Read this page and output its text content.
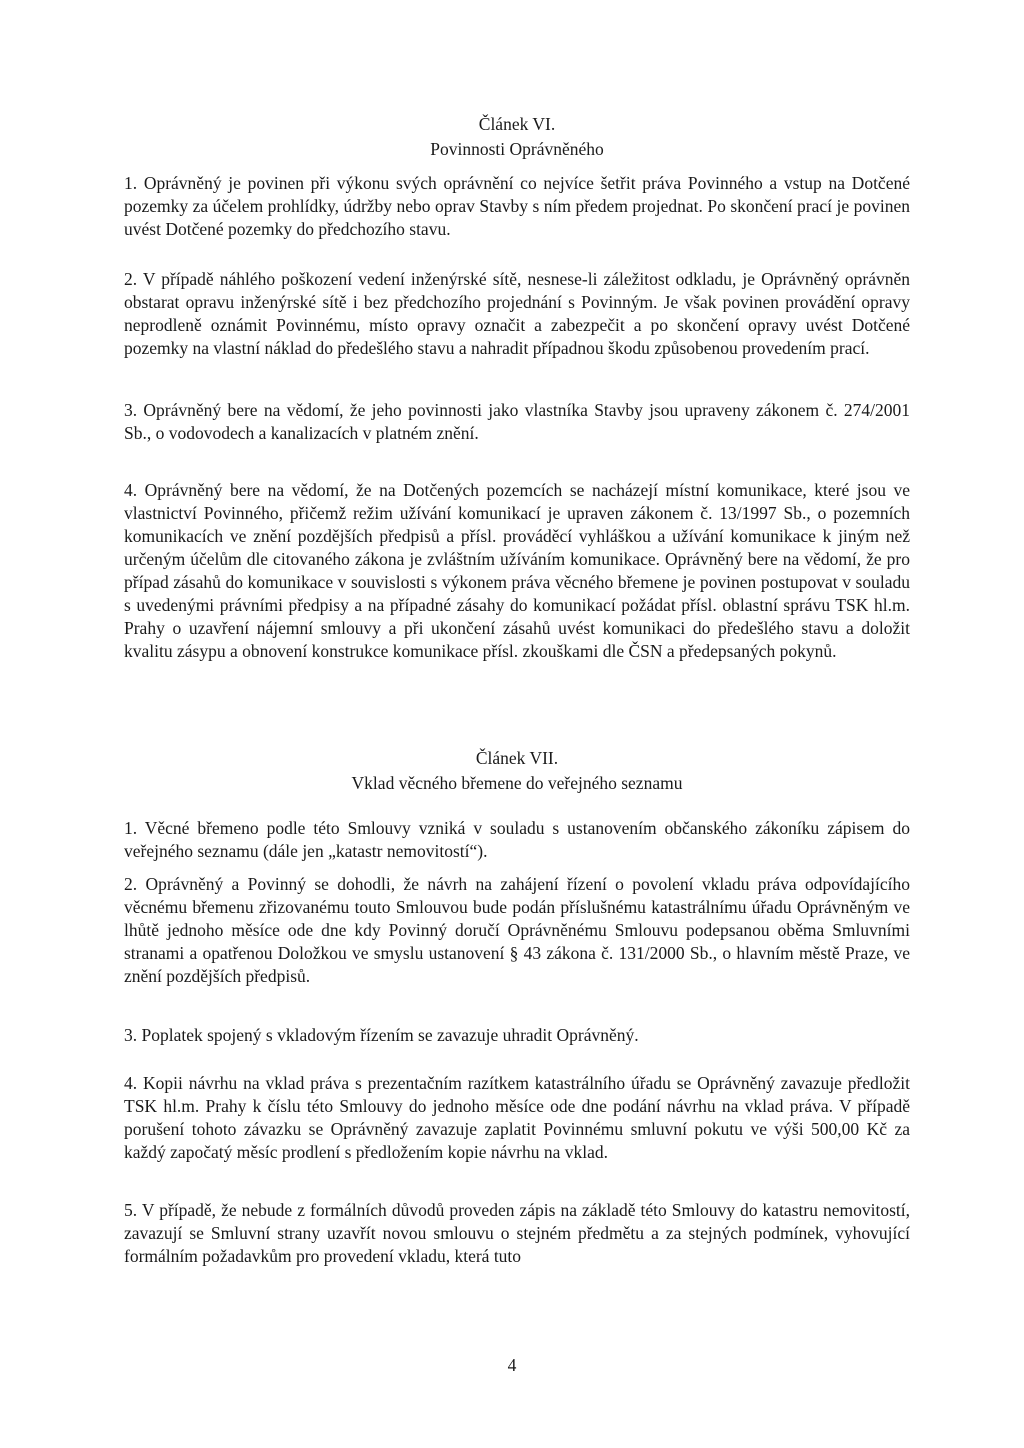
Článek VI.

Povinnosti Oprávněného

1. Oprávněný je povinen při výkonu svých oprávnění co nejvíce šetřit práva Povinného a vstup na Dotčené pozemky za účelem prohlídky, údržby nebo oprav Stavby s ním předem projednat. Po skončení prací je povinen uvést Dotčené pozemky do předchozího stavu.

2. V případě náhlého poškození vedení inženýrské sítě, nesnese-li záležitost odkladu, je Oprávněný oprávněn obstarat opravu inženýrské sítě i bez předchozího projednání s Povinným. Je však povinen provádění opravy neprodleně oznámit Povinnému, místo opravy označit a zabezpečit a po skončení opravy uvést Dotčené pozemky na vlastní náklad do předešlého stavu a nahradit případnou škodu způsobenou provedením prací.

3. Oprávněný bere na vědomí, že jeho povinnosti jako vlastníka Stavby jsou upraveny zákonem č. 274/2001 Sb., o vodovodech a kanalizacích v platném znění.

4. Oprávněný bere na vědomí, že na Dotčených pozemcích se nacházejí místní komunikace, které jsou ve vlastnictví Povinného, přičemž režim užívání komunikací je upraven zákonem č. 13/1997 Sb., o pozemních komunikacích ve znění pozdějších předpisů a přísl. prováděcí vyhláškou a užívání komunikace k jiným než určeným účelům dle citovaného zákona je zvláštním užíváním komunikace. Oprávněný bere na vědomí, že pro případ zásahů do komunikace v souvislosti s výkonem práva věcného břemene je povinen postupovat v souladu s uvedenými právními předpisy a na případné zásahy do komunikací požádat přísl. oblastní správu TSK hl.m. Prahy o uzavření nájemní smlouvy a při ukončení zásahů uvést komunikaci do předešlého stavu a doložit kvalitu zásypu a obnovení konstrukce komunikace přísl. zkouškami dle ČSN a předepsaných pokynů.

Článek VII.

Vklad věcného břemene do veřejného seznamu

1. Věcné břemeno podle této Smlouvy vzniká v souladu s ustanovením občanského zákoníku zápisem do veřejného seznamu (dále jen „katastr nemovitostí“).

2. Oprávněný a Povinný se dohodli, že návrh na zahájení řízení o povolení vkladu práva odpovídajícího věcnému břemenu zřizovanému touto Smlouvou bude podán příslušnému katastrálnímu úřadu Oprávněným ve lhůtě jednoho měsíce ode dne kdy Povinný doručí Oprávněnému Smlouvu podepsanou oběma Smluvními stranami a opatřenou Doložkou ve smyslu ustanovení § 43 zákona č. 131/2000 Sb., o hlavním městě Praze, ve znění pozdějších předpisů.

3. Poplatek spojený s vkladovým řízením se zavazuje uhradit Oprávněný.

4. Kopii návrhu na vklad práva s prezentačním razítkem katastrálního úřadu se Oprávněný zavazuje předložit TSK hl.m. Prahy k číslu této Smlouvy do jednoho měsíce ode dne podání návrhu na vklad práva. V případě porušení tohoto závazku se Oprávněný zavazuje zaplatit Povinnému smluvní pokutu ve výši 500,00 Kč za každý započatý měsíc prodlení s předložením kopie návrhu na vklad.

5. V případě, že nebude z formálních důvodů proveden zápis na základě této Smlouvy do katastru nemovitostí, zavazují se Smluvní strany uzavřít novou smlouvu o stejném předmětu a za stejných podmínek, vyhovující formálním požadavkům pro provedení vkladu, která tuto

4
